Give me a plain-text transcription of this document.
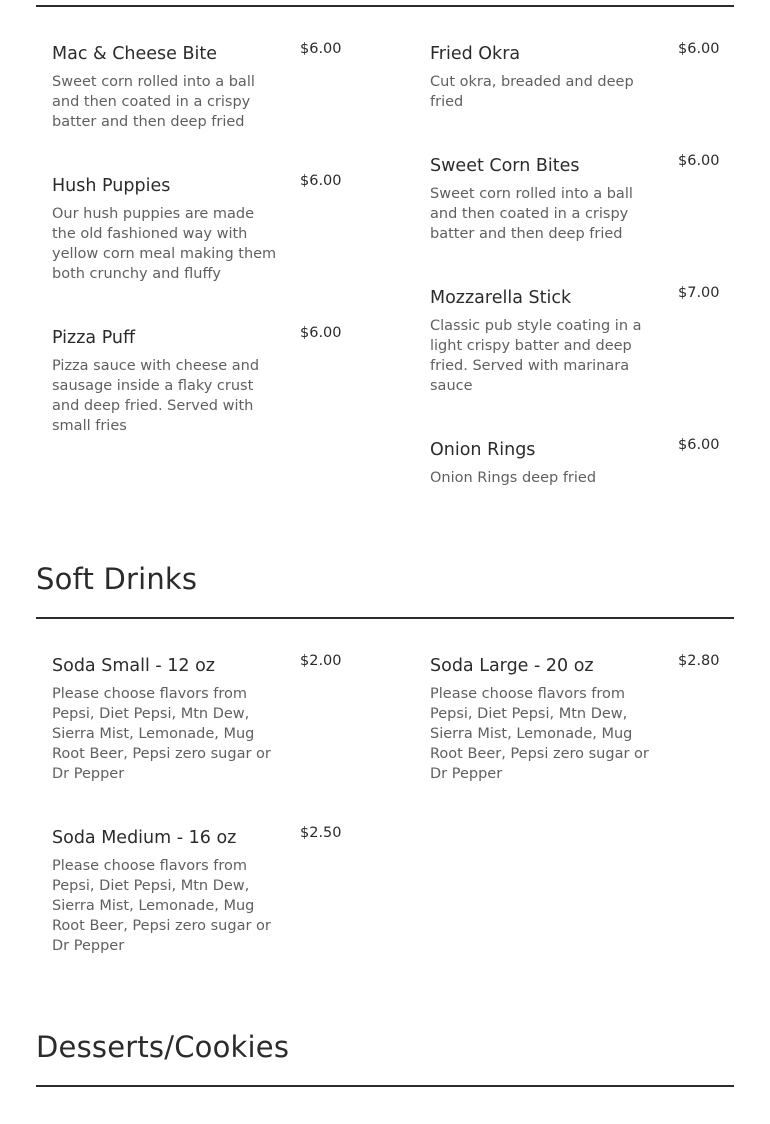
Mac & Cheese Bite	$6.00
Sweet corn rolled into a ball and then coated in a crispy batter and then deep fried
Fried Okra	$6.00
Cut okra, breaded and deep fried
Hush Puppies	$6.00
Our hush puppies are made the old fashioned way with yellow corn meal making them both crunchy and fluffy
Sweet Corn Bites	$6.00
Sweet corn rolled into a ball and then coated in a crispy batter and then deep fried
Pizza Puff	$6.00
Pizza sauce with cheese and sausage inside a flaky crust and deep fried. Served with small fries
Mozzarella Stick	$7.00
Classic pub style coating in a light crispy batter and deep fried. Served with marinara sauce
Onion Rings	$6.00
Onion Rings deep fried
Soft Drinks
Soda Small - 12 oz	$2.00
Please choose flavors from Pepsi, Diet Pepsi, Mtn Dew, Sierra Mist, Lemonade, Mug Root Beer, Pepsi zero sugar or Dr Pepper
Soda Large - 20 oz	$2.80
Please choose flavors from Pepsi, Diet Pepsi, Mtn Dew, Sierra Mist, Lemonade, Mug Root Beer, Pepsi zero sugar or Dr Pepper
Soda Medium - 16 oz	$2.50
Please choose flavors from Pepsi, Diet Pepsi, Mtn Dew, Sierra Mist, Lemonade, Mug Root Beer, Pepsi zero sugar or Dr Pepper
Desserts/Cookies
